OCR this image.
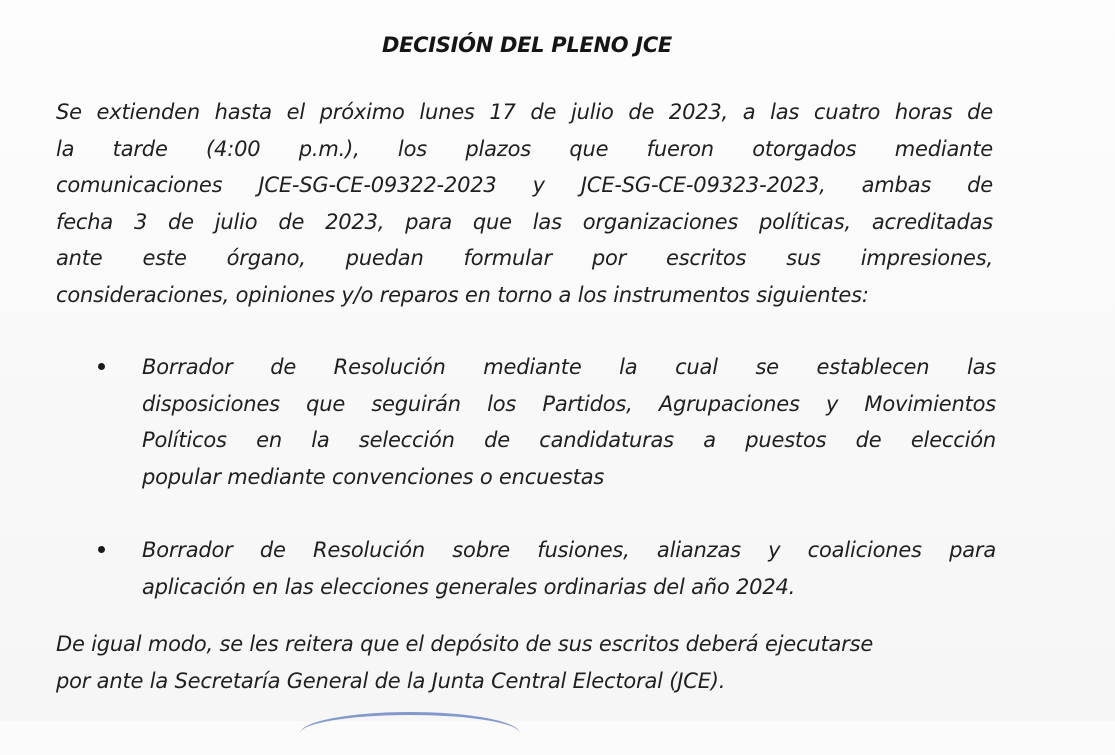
DECISIÓN DEL PLENO JCE
Se extienden hasta el próximo lunes 17 de julio de 2023, a las cuatro horas de
la tarde (4:00 p.m.), los plazos que fueron otorgados mediante
comunicaciones JCE-SG-CE-09322-2023 y JCE-SG-CE-09323-2023, ambas de
fecha 3 de julio de 2023, para que las organizaciones políticas, acreditadas
ante este órgano, puedan formular por escritos sus impresiones,
consideraciones, opiniones y/o reparos en torno a los instrumentos siguientes:
Borrador de Resolución mediante la cual se establecen las
disposiciones que seguirán los Partidos, Agrupaciones y Movimientos
Políticos en la selección de candidaturas a puestos de elección
popular mediante convenciones o encuestas
Borrador de Resolución sobre fusiones, alianzas y coaliciones para
aplicación en las elecciones generales ordinarias del año 2024.
De igual modo, se les reitera que el depósito de sus escritos deberá ejecutarse
por ante la Secretaría General de la Junta Central Electoral (JCE).
